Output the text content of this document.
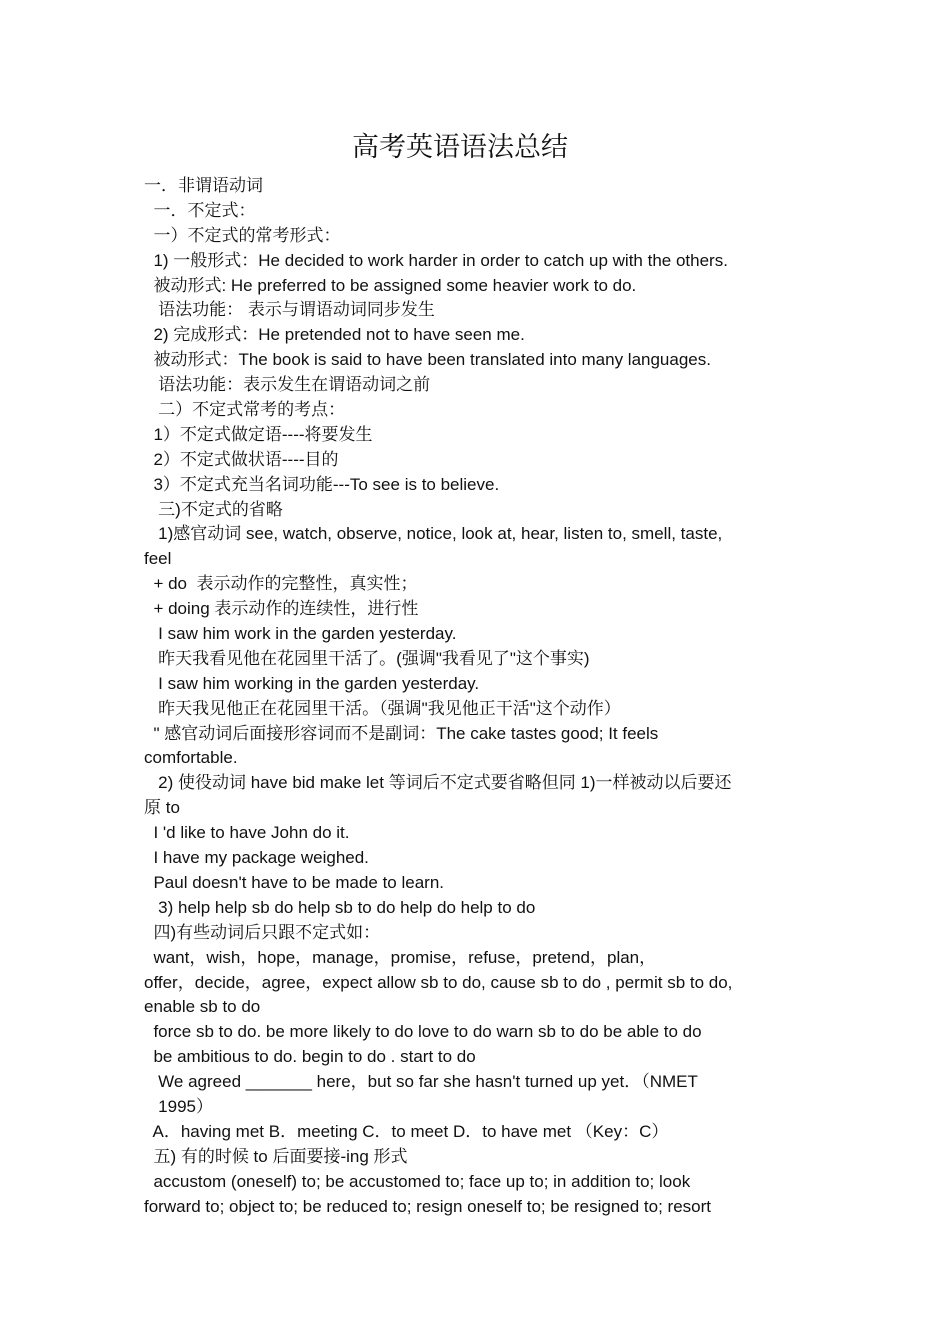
高考英语语法总结
一．非谓语动词
一．不定式：
一）不定式的常考形式：
1) 一般形式：He decided to work harder in order to catch up with the others.
被动形式: He preferred to be assigned some heavier work to do.
语法功能： 表示与谓语动词同步发生
2) 完成形式：He pretended not to have seen me.
被动形式：The book is said to have been translated into many languages.
语法功能：表示发生在谓语动词之前
二）不定式常考的考点：
1）不定式做定语----将要发生
2）不定式做状语----目的
3）不定式充当名词功能---To see is to believe.
三)不定式的省略
1)感官动词 see, watch, observe, notice, look at, hear, listen to, smell, taste,
feel
+ do  表示动作的完整性，真实性；
+ doing 表示动作的连续性，进行性
I saw him work in the garden yesterday.
昨天我看见他在花园里干活了。(强调"我看见了"这个事实)
I saw him working in the garden yesterday.
昨天我见他正在花园里干活。（强调"我见他正干活"这个动作）
" 感官动词后面接形容词而不是副词：The cake tastes good; It feels
comfortable.
2) 使役动词 have bid make let 等词后不定式要省略但同 1)一样被动以后要还
原 to
I 'd like to have John do it.
I have my package weighed.
Paul doesn't have to be made to learn.
3) help help sb do help sb to do help do help to do
四)有些动词后只跟不定式如：
want，wish，hope，manage，promise，refuse，pretend，plan，
offer，decide，agree，expect allow sb to do, cause sb to do , permit sb to do,
enable sb to do
force sb to do. be more likely to do love to do warn sb to do be able to do
be ambitious to do. begin to do . start to do
We agreed _______ here，but so far she hasn't turned up yet．（NMET
1995）
A．having met B．meeting C．to meet D．to have met （Key：C）
五) 有的时候 to 后面要接-ing 形式
accustom (oneself) to; be accustomed to; face up to; in addition to; look
forward to; object to; be reduced to; resign oneself to; be resigned to; resort
